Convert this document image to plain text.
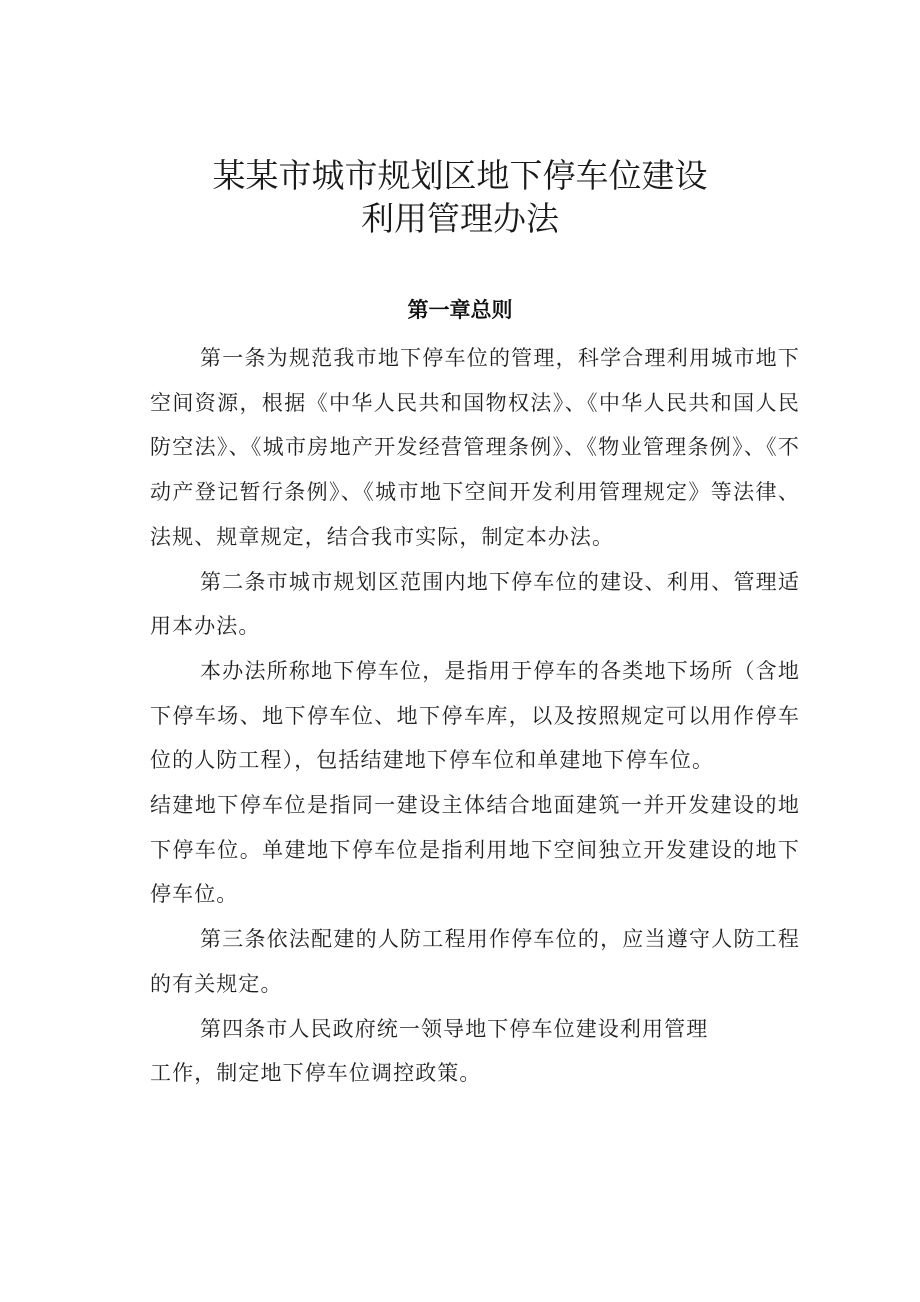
某某市城市规划区地下停车位建设
利用管理办法
第一章总则

第一条为规范我市地下停车位的管理，科学合理利用城市地下空间资源，根据《中华人民共和国物权法》、《中华人民共和国人民防空法》、《城市房地产开发经营管理条例》、《物业管理条例》、《不动产登记暂行条例》、《城市地下空间开发利用管理规定》等法律、法规、规章规定，结合我市实际，制定本办法。

第二条市城市规划区范围内地下停车位的建设、利用、管理适用本办法。

本办法所称地下停车位，是指用于停车的各类地下场所（含地下停车场、地下停车位、地下停车库，以及按照规定可以用作停车位的人防工程），包括结建地下停车位和单建地下停车位。

结建地下停车位是指同一建设主体结合地面建筑一并开发建设的地下停车位。单建地下停车位是指利用地下空间独立开发建设的地下停车位。

第三条依法配建的人防工程用作停车位的，应当遵守人防工程的有关规定。

第四条市人民政府统一领导地下停车位建设利用管理

工作，制定地下停车位调控政策。
